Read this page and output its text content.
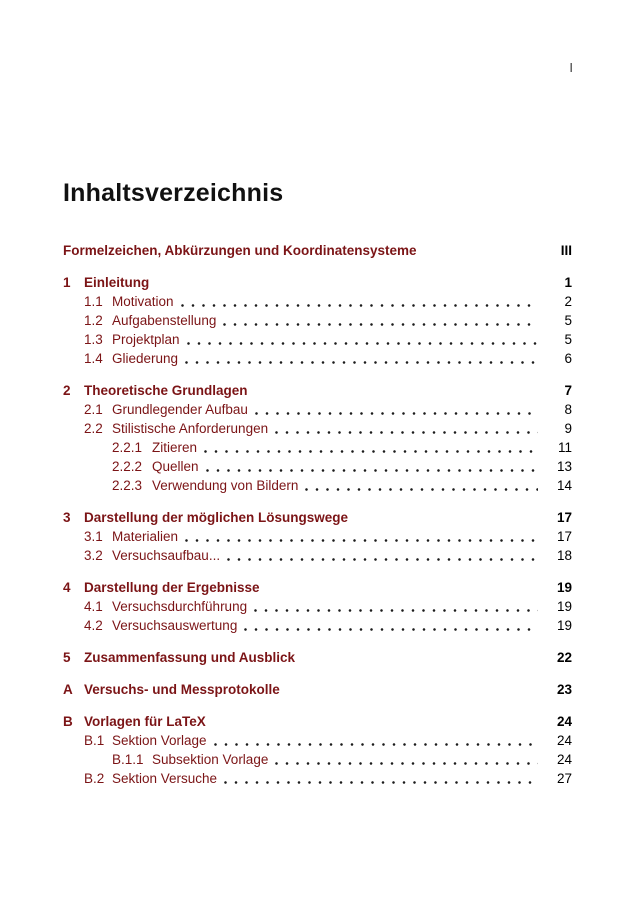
I
Inhaltsverzeichnis
Formelzeichen, Abkürzungen und Koordinatensysteme	III
1 Einleitung	1
1.1 Motivation	2
1.2 Aufgabenstellung	5
1.3 Projektplan	5
1.4 Gliederung	6
2 Theoretische Grundlagen	7
2.1 Grundlegender Aufbau	8
2.2 Stilistische Anforderungen	9
2.2.1 Zitieren	11
2.2.2 Quellen	13
2.2.3 Verwendung von Bildern	14
3 Darstellung der möglichen Lösungswege	17
3.1 Materialien	17
3.2 Versuchsaufbau...	18
4 Darstellung der Ergebnisse	19
4.1 Versuchsdurchführung	19
4.2 Versuchsauswertung	19
5 Zusammenfassung und Ausblick	22
A Versuchs- und Messprotokolle	23
B Vorlagen für LaTeX	24
B.1 Sektion Vorlage	24
B.1.1 Subsektion Vorlage	24
B.2 Sektion Versuche	27
